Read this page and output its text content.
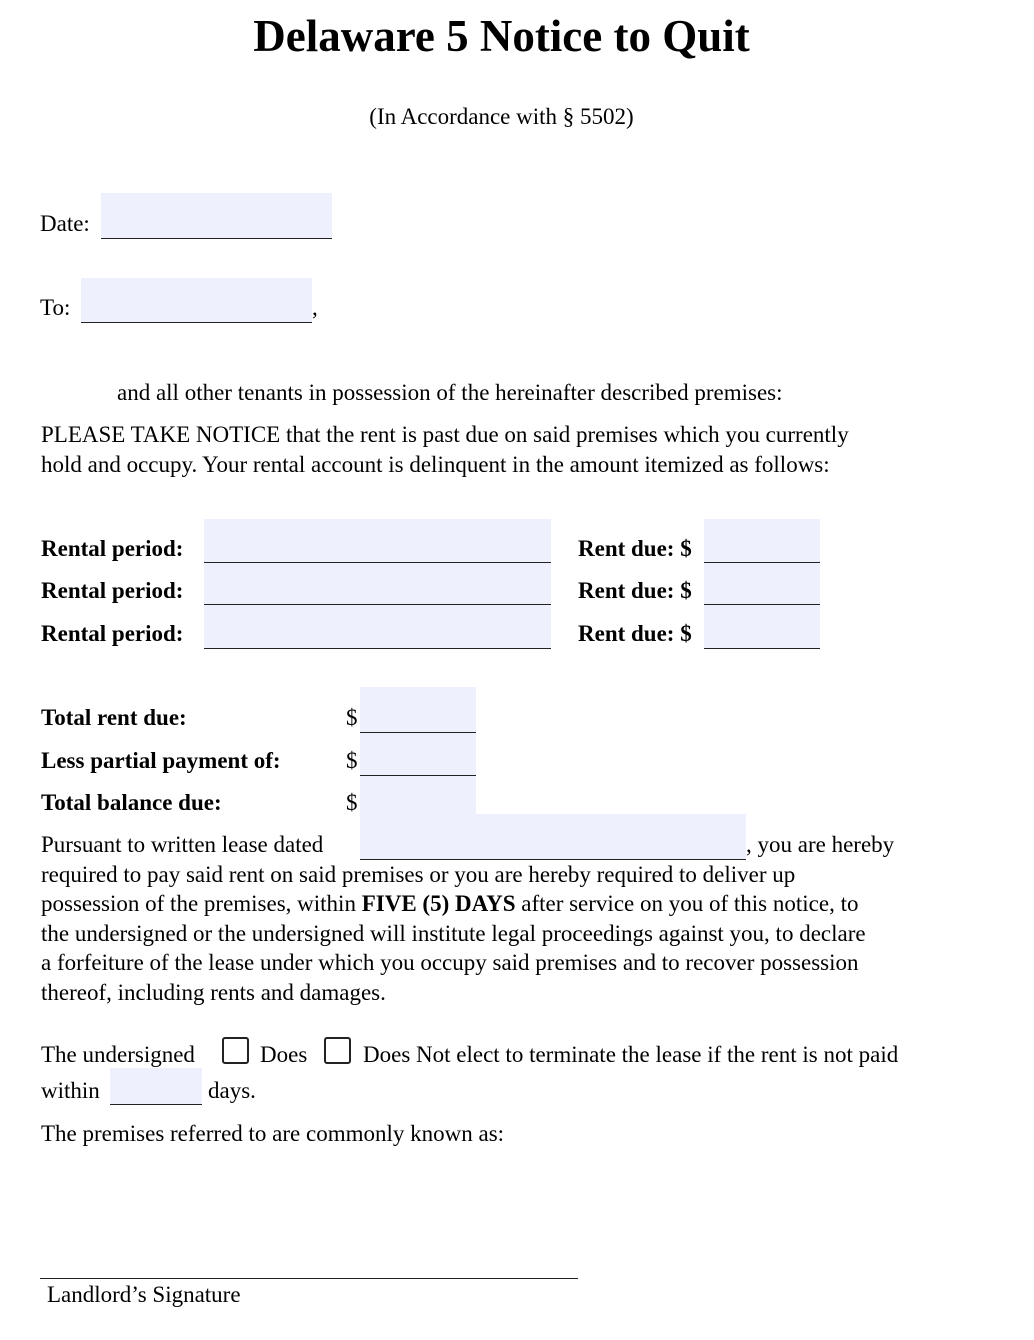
Delaware 5 Notice to Quit
(In Accordance with § 5502)
Date:
To:	,
and all other tenants in possession of the hereinafter described premises:
PLEASE TAKE NOTICE that the rent is past due on said premises which you currently
hold and occupy. Your rental account is delinquent in the amount itemized as follows:
Rental period:	Rent due: $
Rental period:	Rent due: $
Rental period:	Rent due: $
Total rent due:	$
Less partial payment of:	$
Total balance due:	$
Pursuant to written lease dated	, you are hereby
required to pay said rent on said premises or you are hereby required to deliver up
possession of the premises, within FIVE (5) DAYS after service on you of this notice, to
the undersigned or the undersigned will institute legal proceedings against you, to declare
a forfeiture of the lease under which you occupy said premises and to recover possession
thereof, including rents and damages.
The undersigned	Does Does Not elect to terminate the lease if the rent is not paid
within	days.
The premises referred to are commonly known as:
Landlord’s Signature
